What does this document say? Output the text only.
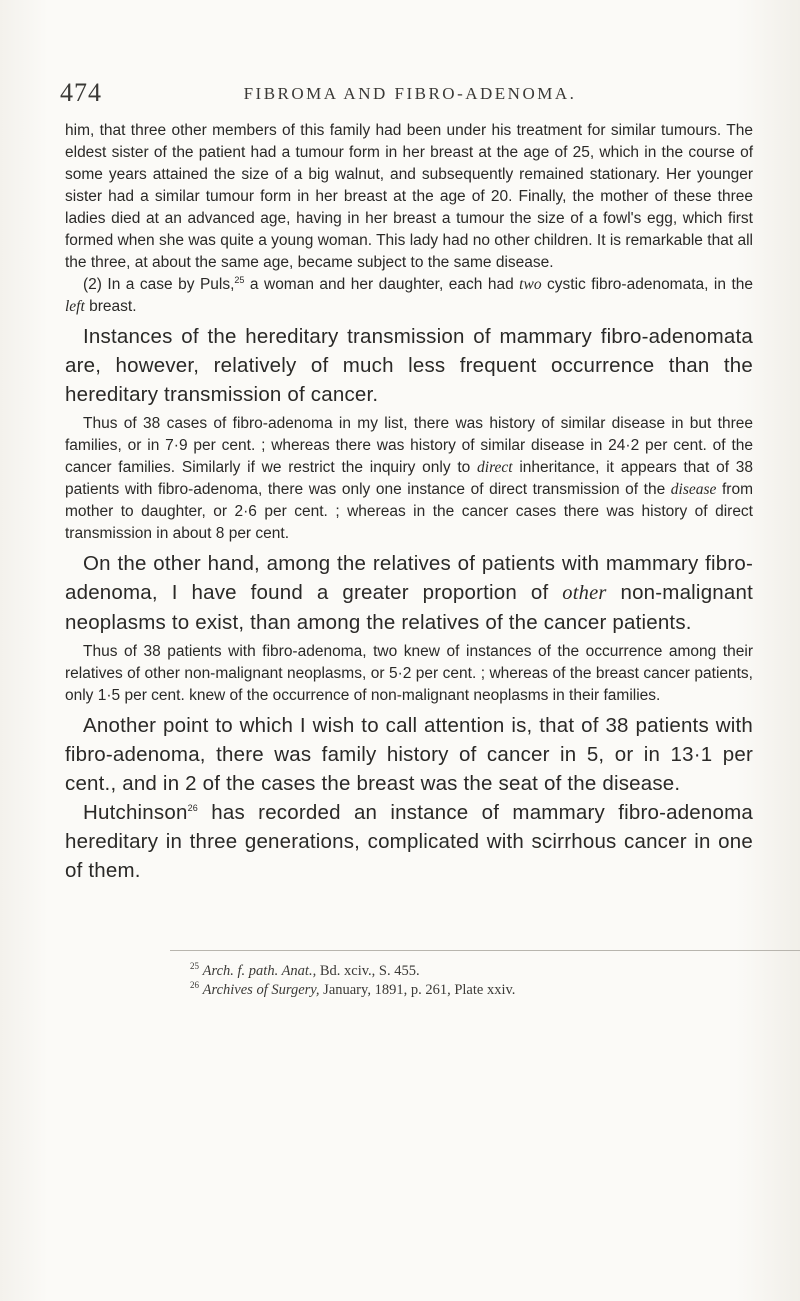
474	FIBROMA AND FIBRO-ADENOMA.

him, that three other members of this family had been under his treatment for similar tumours. The eldest sister of the patient had a tumour form in her breast at the age of 25, which in the course of some years attained the size of a big walnut, and subsequently remained stationary. Her younger sister had a similar tumour form in her breast at the age of 20. Finally, the mother of these three ladies died at an advanced age, having in her breast a tumour the size of a fowl's egg, which first formed when she was quite a young woman. This lady had no other children. It is remarkable that all the three, at about the same age, became subject to the same disease.

(2) In a case by Puls,$^{25}$ a woman and her daughter, each had two cystic fibro-adenomata, in the left breast.

Instances of the hereditary transmission of mammary fibro-adenomata are, however, relatively of much less frequent occurrence than the hereditary transmission of cancer.

Thus of 38 cases of fibro-adenoma in my list, there was history of similar disease in but three families, or in 7·9 per cent. ; whereas there was history of similar disease in 24·2 per cent. of the cancer families. Similarly if we restrict the inquiry only to direct inheritance, it appears that of 38 patients with fibro-adenoma, there was only one instance of direct transmission of the disease from mother to daughter, or 2·6 per cent. ; whereas in the cancer cases there was history of direct transmission in about 8 per cent.

On the other hand, among the relatives of patients with mammary fibro-adenoma, I have found a greater proportion of other non-malignant neoplasms to exist, than among the relatives of the cancer patients.

Thus of 38 patients with fibro-adenoma, two knew of instances of the occurrence among their relatives of other non-malignant neoplasms, or 5·2 per cent. ; whereas of the breast cancer patients, only 1·5 per cent. knew of the occurrence of non-malignant neoplasms in their families.

Another point to which I wish to call attention is, that of 38 patients with fibro-adenoma, there was family history of cancer in 5, or in 13·1 per cent., and in 2 of the cases the breast was the seat of the disease.

Hutchinson$^{26}$ has recorded an instance of mammary fibro-adenoma hereditary in three generations, complicated with scirrhous cancer in one of them.

$^{25}$ Arch. f. path. Anat., Bd. xciv., S. 455.
$^{26}$ Archives of Surgery, January, 1891, p. 261, Plate xxiv.
